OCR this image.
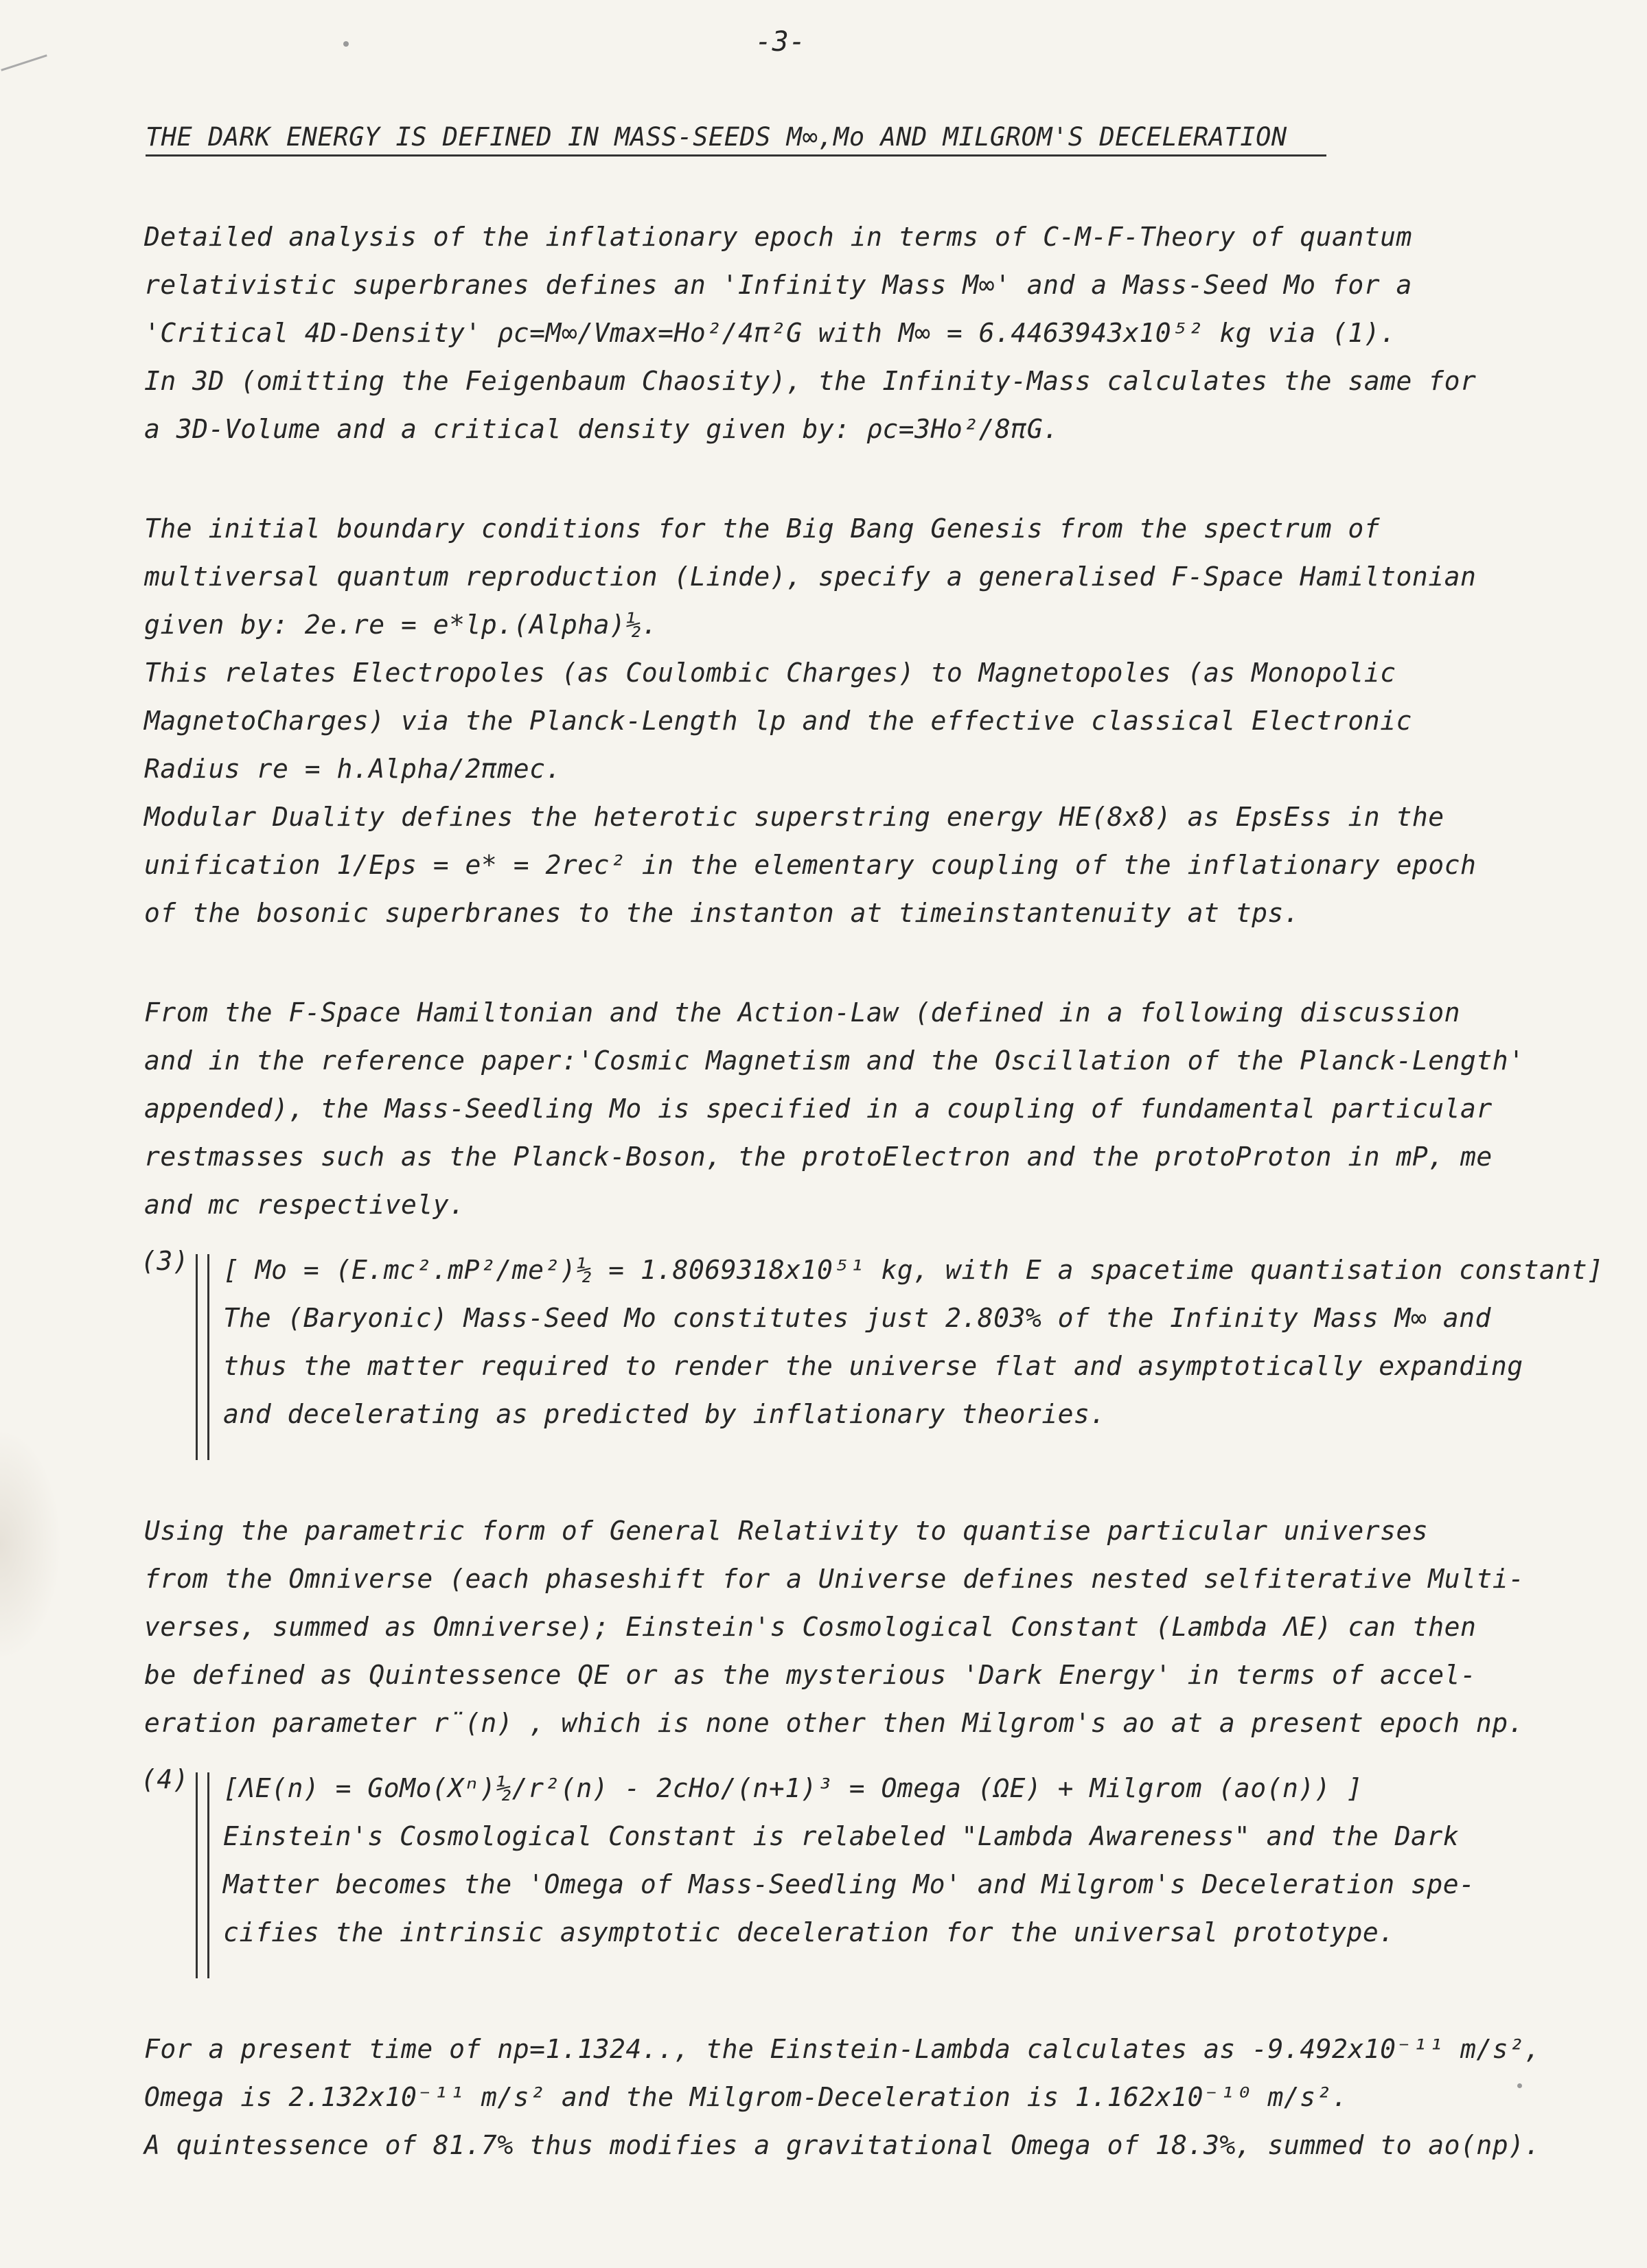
-3-
THE DARK ENERGY IS DEFINED IN MASS-SEEDS M∞,Mo AND MILGROM'S DECELERATION
Detailed analysis of the inflationary epoch in terms of C-M-F-Theory of quantum
relativistic superbranes defines an 'Infinity Mass M∞' and a Mass-Seed Mo for a
'Critical 4D-Density' ρc=M∞/Vmax=Ho²/4π²G with M∞ = 6.4463943x10⁵² kg via (1).
In 3D (omitting the Feigenbaum Chaosity), the Infinity-Mass calculates the same for
a 3D-Volume and a critical density given by: ρc=3Ho²/8πG.
The initial boundary conditions for the Big Bang Genesis from the spectrum of
multiversal quantum reproduction (Linde), specify a generalised F-Space Hamiltonian
given by: 2e.re = e*lp.(Alpha)½.
This relates Electropoles (as Coulombic Charges) to Magnetopoles (as Monopolic
MagnetoCharges) via the Planck-Length lp and the effective classical Electronic
Radius re = h.Alpha/2πmec.
Modular Duality defines the heterotic superstring energy HE(8x8) as EpsEss in the
unification 1/Eps = e* = 2rec² in the elementary coupling of the inflationary epoch
of the bosonic superbranes to the instanton at timeinstantenuity at tps.
From the F-Space Hamiltonian and the Action-Law (defined in a following discussion
and in the reference paper:'Cosmic Magnetism and the Oscillation of the Planck-Length'
appended), the Mass-Seedling Mo is specified in a coupling of fundamental particular
restmasses such as the Planck-Boson, the protoElectron and the protoProton in mP, me
and mc respectively.
(3) [ Mo = (E.mc².mP²/me²)½ = 1.8069318x10⁵¹ kg, with E a spacetime quantisation constant]
The (Baryonic) Mass-Seed Mo constitutes just 2.803% of the Infinity Mass M∞ and
thus the matter required to render the universe flat and asymptotically expanding
and decelerating as predicted by inflationary theories.
Using the parametric form of General Relativity to quantise particular universes
from the Omniverse (each phaseshift for a Universe defines nested selfiterative Multi-
verses, summed as Omniverse); Einstein's Cosmological Constant (Lambda ΛE) can then
be defined as Quintessence QE or as the mysterious 'Dark Energy' in terms of accel-
eration parameter r̈(n) , which is none other then Milgrom's ao at a present epoch np.
(4) [ΛE(n) = GoMo(Xⁿ)½/r²(n) - 2cHo/(n+1)³ = Omega (ΩE) + Milgrom (ao(n)) ]
Einstein's Cosmological Constant is relabeled "Lambda Awareness" and the Dark
Matter becomes the 'Omega of Mass-Seedling Mo' and Milgrom's Deceleration spe-
cifies the intrinsic asymptotic deceleration for the universal prototype.
For a present time of np=1.1324.., the Einstein-Lambda calculates as -9.492x10⁻¹¹ m/s²,
Omega is 2.132x10⁻¹¹ m/s² and the Milgrom-Deceleration is 1.162x10⁻¹⁰ m/s².
A quintessence of 81.7% thus modifies a gravitational Omega of 18.3%, summed to ao(np).
